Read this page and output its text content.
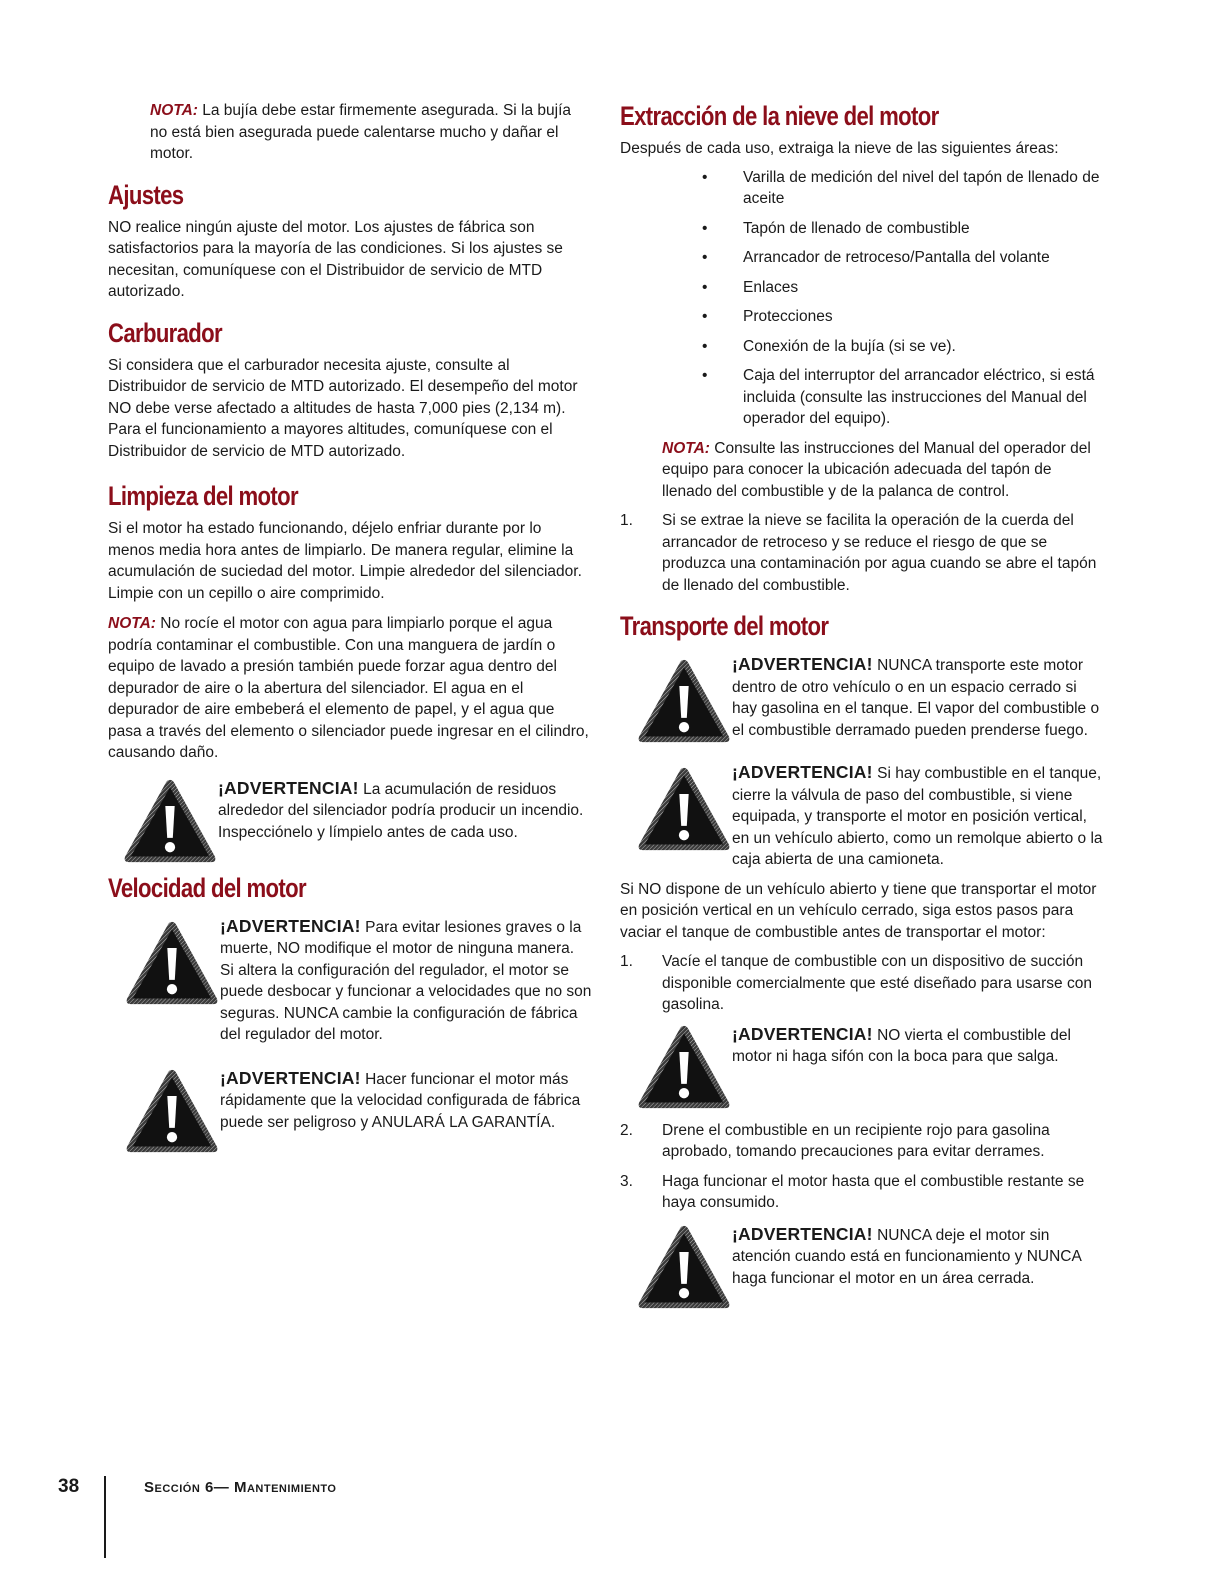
NOTA: La bujía debe estar firmemente asegurada. Si la bujía no está bien asegurada puede calentarse mucho y dañar el motor.

Ajustes

NO realice ningún ajuste del motor. Los ajustes de fábrica son satisfactorios para la mayoría de las condiciones. Si los ajustes se necesitan, comuníquese con el Distribuidor de servicio de MTD autorizado.

Carburador

Si considera que el carburador necesita ajuste, consulte al Distribuidor de servicio de MTD autorizado. El desempeño del motor NO debe verse afectado a altitudes de hasta 7,000 pies (2,134 m). Para el funcionamiento a mayores altitudes, comuníquese con el Distribuidor de servicio de MTD autorizado.

Limpieza del motor

Si el motor ha estado funcionando, déjelo enfriar durante por lo menos media hora antes de limpiarlo. De manera regular, elimine la acumulación de suciedad del motor. Limpie alrededor del silenciador. Limpie con un cepillo o aire comprimido.

NOTA: No rocíe el motor con agua para limpiarlo porque el agua podría contaminar el combustible. Con una manguera de jardín o equipo de lavado a presión también puede forzar agua dentro del depurador de aire o la abertura del silenciador. El agua en el depurador de aire embeberá el elemento de papel, y el agua que pasa a través del elemento o silenciador puede ingresar en el cilindro, causando daño.

¡ADVERTENCIA! La acumulación de residuos alrededor del silenciador podría producir un incendio. Inspecciónelo y límpielo antes de cada uso.
Velocidad del motor
¡ADVERTENCIA! Para evitar lesiones graves o la muerte, NO modifique el motor de ninguna manera. Si altera la configuración del regulador, el motor se puede desbocar y funcionar a velocidades que no son seguras. NUNCA cambie la configuración de fábrica del regulador del motor.
¡ADVERTENCIA! Hacer funcionar el motor más rápidamente que la velocidad configurada de fábrica puede ser peligroso y ANULARÁ LA GARANTÍA.
Extracción de la nieve del motor

Después de cada uso, extraiga la nieve de las siguientes áreas:

• Varilla de medición del nivel del tapón de llenado de aceite
• Tapón de llenado de combustible
• Arrancador de retroceso/Pantalla del volante
• Enlaces
• Protecciones
• Conexión de la bujía (si se ve).
• Caja del interruptor del arrancador eléctrico, si está incluida (consulte las instrucciones del Manual del operador del equipo).

NOTA: Consulte las instrucciones del Manual del operador del equipo para conocer la ubicación adecuada del tapón de llenado del combustible y de la palanca de control.

1. Si se extrae la nieve se facilita la operación de la cuerda del arrancador de retroceso y se reduce el riesgo de que se produzca una contaminación por agua cuando se abre el tapón de llenado del combustible.
Transporte del motor
¡ADVERTENCIA! NUNCA transporte este motor dentro de otro vehículo o en un espacio cerrado si hay gasolina en el tanque. El vapor del combustible o el combustible derramado pueden prenderse fuego.
¡ADVERTENCIA! Si hay combustible en el tanque, cierre la válvula de paso del combustible, si viene equipada, y transporte el motor en posición vertical, en un vehículo abierto, como un remolque abierto o la caja abierta de una camioneta.

Si NO dispone de un vehículo abierto y tiene que transportar el motor en posición vertical en un vehículo cerrado, siga estos pasos para vaciar el tanque de combustible antes de transportar el motor:

1. Vacíe el tanque de combustible con un dispositivo de succión disponible comercialmente que esté diseñado para usarse con gasolina.
¡ADVERTENCIA! NO vierta el combustible del motor ni haga sifón con la boca para que salga.
2. Drene el combustible en un recipiente rojo para gasolina aprobado, tomando precauciones para evitar derrames.
3. Haga funcionar el motor hasta que el combustible restante se haya consumido.
¡ADVERTENCIA! NUNCA deje el motor sin atención cuando está en funcionamiento y NUNCA haga funcionar el motor en un área cerrada.
38	Sección 6— Mantenimiento
